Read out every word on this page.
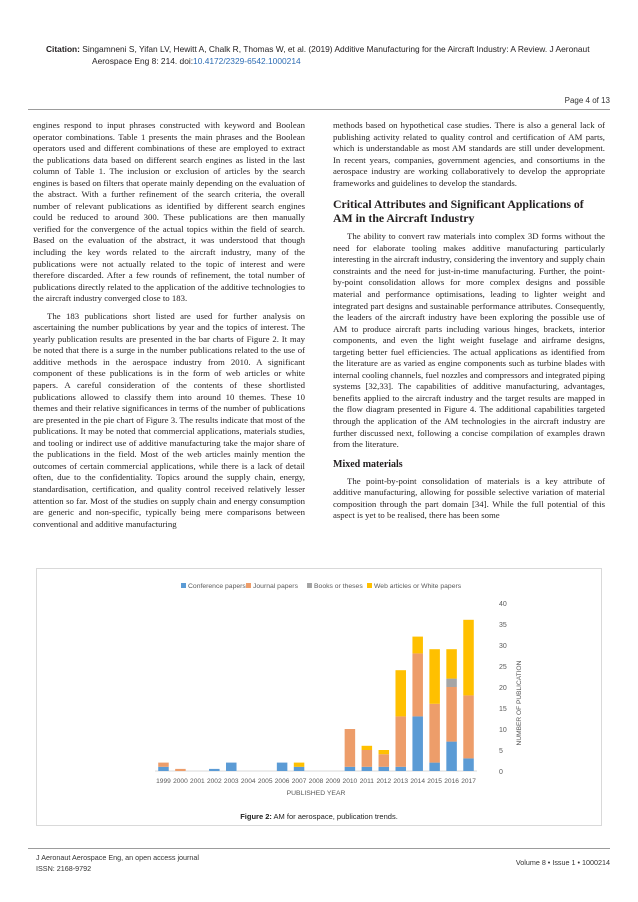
Citation: Singamneni S, Yifan LV, Hewitt A, Chalk R, Thomas W, et al. (2019) Additive Manufacturing for the Aircraft Industry: A Review. J Aeronaut
Aerospace Eng 8: 214. doi:10.4172/2329-6542.1000214
Page 4 of 13

engines respond to input phrases constructed with keyword and Boolean operator combinations. Table 1 presents the main phrases and the Boolean operators used and different combinations of these are employed to extract the publications data based on different search engines as listed in the last column of Table 1. The inclusion or exclusion of articles by the search engines is based on filters that operate mainly depending on the evaluation of the abstract. With a further refinement of the search criteria, the overall number of relevant publications as identified by different search engines could be reduced to around 300. These publications are then manually verified for the convergence of the actual topics within the field of search. Based on the evaluation of the abstract, it was understood that though including the key words related to the aircraft industry, many of the publications were not actually related to the topic of interest and were therefore discarded. After a few rounds of refinement, the total number of publications directly related to the application of the additive technologies to the aircraft industry converged close to 183.

The 183 publications short listed are used for further analysis on ascertaining the number publications by year and the topics of interest. The yearly publication results are presented in the bar charts of Figure 2. It may be noted that there is a surge in the number publications related to the use of additive methods in the aerospace industry from 2010. A significant component of these publications is in the form of web articles or white papers. A careful consideration of the contents of these shortlisted publications allowed to classify them into around 10 themes. These 10 themes and their relative significances in terms of the number of publications are presented in the pie chart of Figure 3. The results indicate that most of the publications. It may be noted that commercial applications, materials studies, and tooling or indirect use of additive manufacturing take the major share of the publications in the field. Most of the web articles mainly mention the outcomes of certain commercial applications, while there is a lack of detail often, due to the confidentiality. Topics around the supply chain, energy, standardisation, certification, and quality control received relatively lesser attention so far. Most of the studies on supply chain and energy consumption are generic and non-specific, typically being mere comparisons between conventional and additive manufacturing

methods based on hypothetical case studies. There is also a general lack of publishing activity related to quality control and certification of AM parts, which is understandable as most AM standards are still under development. In recent years, companies, government agencies, and consortiums in the aerospace industry are working collaboratively to develop the appropriate frameworks and guidelines to develop the standards.

Critical Attributes and Significant Applications of AM in the Aircraft Industry

The ability to convert raw materials into complex 3D forms without the need for elaborate tooling makes additive manufacturing particularly interesting in the aircraft industry, considering the inventory and supply chain constraints and the need for just-in-time manufacturing. Further, the point-by-point consolidation allows for more complex designs and possible material and performance optimisations, leading to lighter weight and integrated part designs and sustainable performance attributes. Consequently, the leaders of the aircraft industry have been exploring the possible use of AM to produce aircraft parts including various hinges, brackets, interior components, and even the light weight fuselage and airframe designs, targeting better fuel efficiencies. The actual applications as identified from the literature are as varied as engine components such as turbine blades with internal cooling channels, fuel nozzles and compressors and integrated piping systems [32,33]. The capabilities of additive manufacturing, advantages, benefits applied to the aircraft industry and the target results are mapped in the flow diagram presented in Figure 4. The additional capabilities targeted through the application of the AM technologies in the aircraft industry are further discussed next, following a concise compilation of examples drawn from the literature.

Mixed materials

The point-by-point consolidation of materials is a key attribute of additive manufacturing, allowing for possible selective variation of material composition through the part domain [34]. While the full potential of this aspect is yet to be realised, there has been some

0
5
10
15
20
25
30
35
40
NUMBER OF PUBLICATION
1999 2000 2001 2002 2003 2004 2005 2006 2007 2008 2009 2010 2011 2012 2013 2014 2015 2016 2017
PUBLISHED YEAR
Conference papers Journal papers Books or theses Web articles or White papers
Figure 2: AM for aerospace, publication trends.
J Aeronaut Aerospace Eng, an open access journal
ISSN: 2168-9792
Volume 8 • Issue 1 • 1000214
